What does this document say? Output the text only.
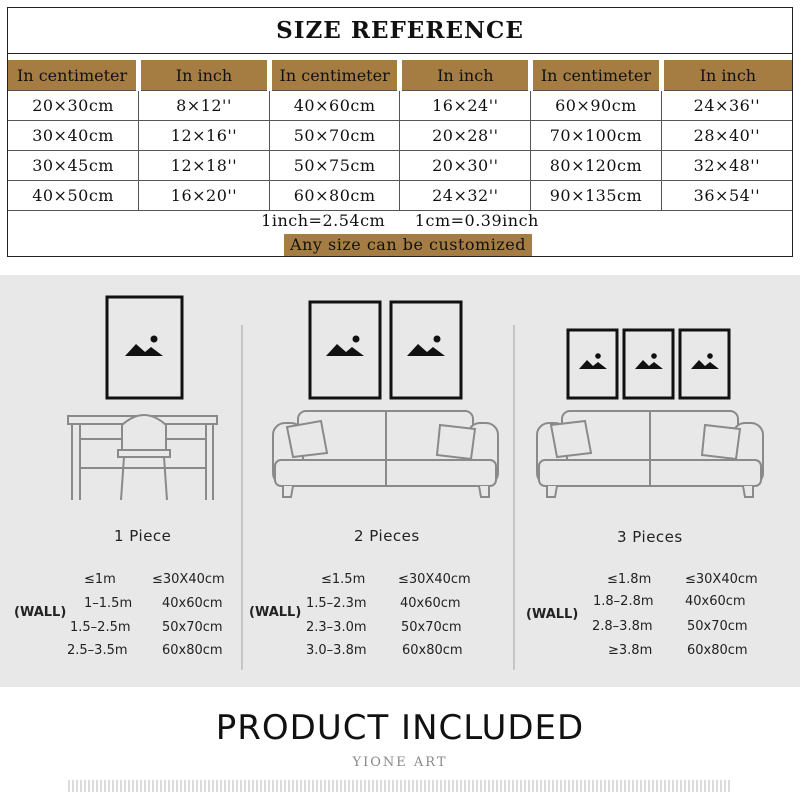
SIZE REFERENCE
In centimeter	In inch	In centimeter	In inch	In centimeter	In inch
20×30cm	8×12''	40×60cm	16×24''	60×90cm	24×36''
30×40cm	12×16''	50×70cm	20×28''	70×100cm	28×40''
30×45cm	12×18''	50×75cm	20×30''	80×120cm	32×48''
40×50cm	16×20''	60×80cm	24×32''	90×135cm	36×54''
1inch=2.54cm 1cm=0.39inch
Any size can be customized
1 Piece
(WALL)
≤1m	≤30X40cm
1–1.5m 40x60cm
1.5–2.5m 50x70cm
2.5–3.5m	60x80cm
2 Pieces
(WALL)
≤1.5m	≤30X40cm
1.5–2.3m	40x60cm
2.3–3.0m	50x70cm
3.0–3.8m	60x80cm
3 Pieces
(WALL)
≤1.8m	≤30X40cm
1.8–2.8m 40x60cm
2.8–3.8m	50x70cm
≥3.8m	60x80cm
PRODUCT INCLUDED
YIONE ART
